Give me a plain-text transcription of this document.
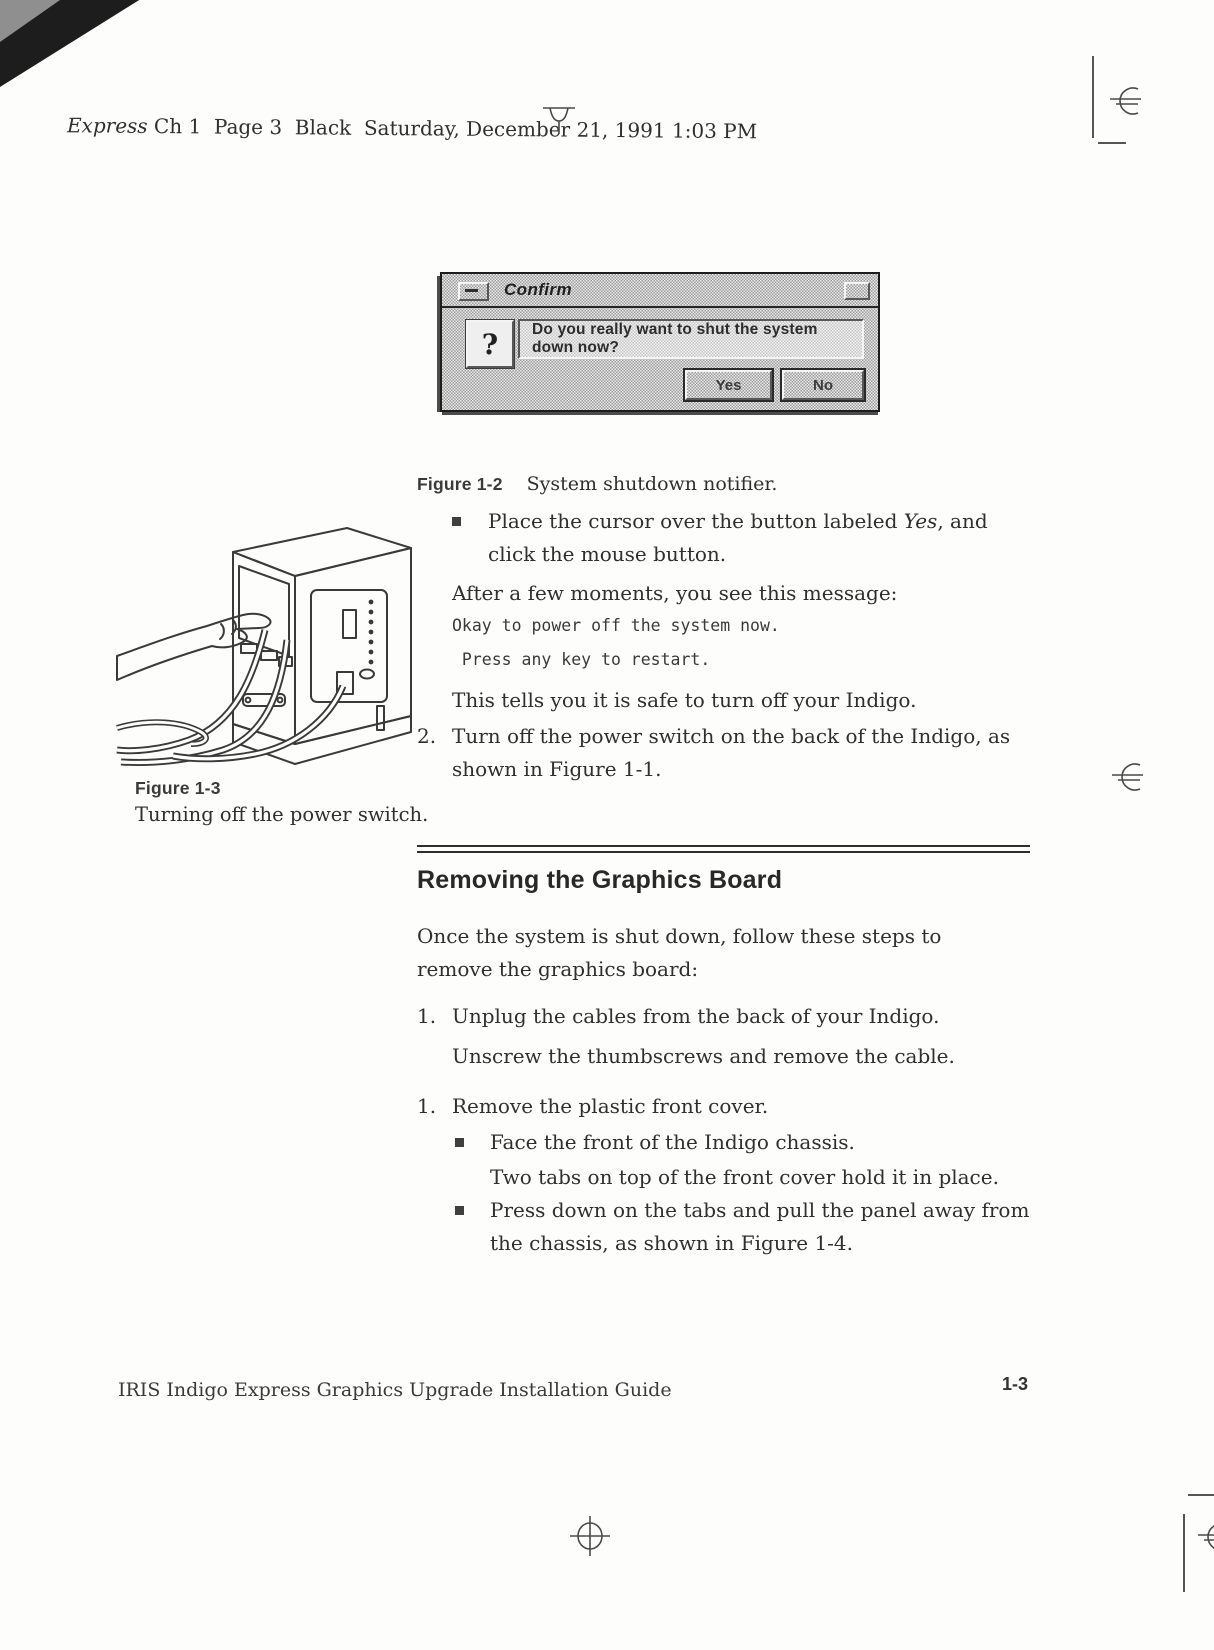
Express Ch 1  Page 3  Black  Saturday, December 21, 1991 1:03 PM

Confirm
?	Do you really want to shut the system down now?
Yes	No
Figure 1-2 System shutdown notifier.
Place the cursor over the button labeled Yes, and click the mouse button.
After a few moments, you see this message:
Okay to power off the system now.
Press any key to restart.
This tells you it is safe to turn off your Indigo.
2. Turn off the power switch on the back of the Indigo, as shown in Figure 1-1.
Figure 1-3
Turning off the power switch.
Removing the Graphics Board
Once the system is shut down, follow these steps to remove the graphics board:
1. Unplug the cables from the back of your Indigo.
Unscrew the thumbscrews and remove the cable.
1. Remove the plastic front cover.
Face the front of the Indigo chassis.
Two tabs on top of the front cover hold it in place.
Press down on the tabs and pull the panel away from the chassis, as shown in Figure 1-4.
IRIS Indigo Express Graphics Upgrade Installation Guide	1-3
